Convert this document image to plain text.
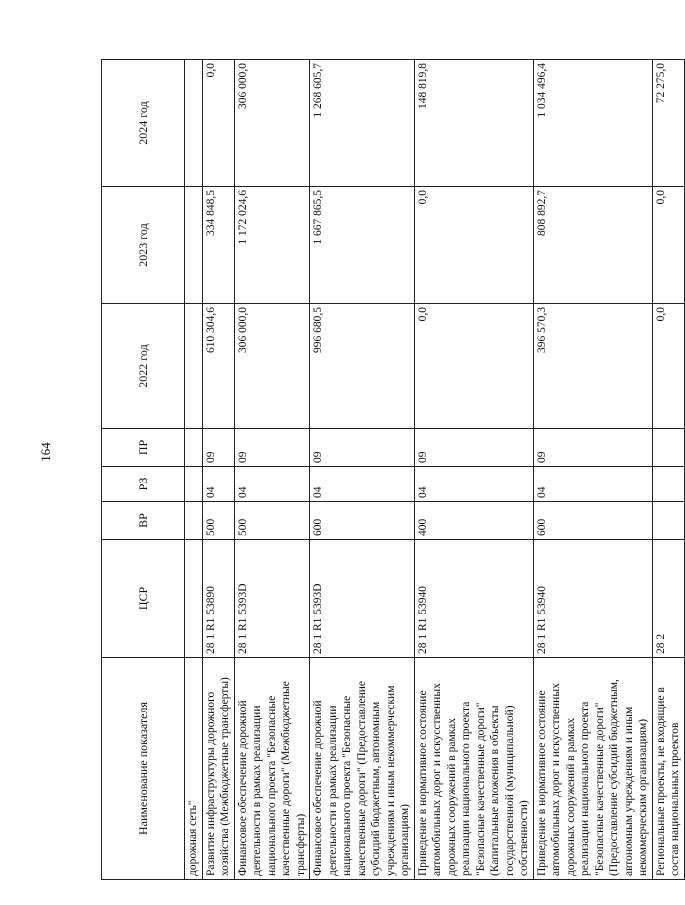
164
Наименование показателя	ЦСР	ВР	РЗ	ПР	2022 год	2023 год	2024 год
дорожная сеть"							
Развитие инфраструктуры дорожного хозяйства (Межбюджетные трансферты)	28 1 R1 53890	500	04	09	610 304,6	334 848,5	0,0
Финансовое обеспечение дорожной деятельности в рамках реализации национального проекта "Безопасные качественные дороги" (Межбюджетные трансферты)	28 1 R1 5393D	500	04	09	306 000,0	1 172 024,6	306 000,0
Финансовое обеспечение дорожной деятельности в рамках реализации национального проекта "Безопасные качественные дороги" (Предоставление субсидий бюджетным, автономным учреждениям и иным некоммерческим организациям)	28 1 R1 5393D	600	04	09	996 680,5	1 667 865,5	1 268 605,7
Приведение в нормативное состояние автомобильных дорог и искусственных дорожных сооружений в рамках реализации национального проекта "Безопасные качественные дороги" (Капитальные вложения в объекты государственной (муниципальной) собственности)	28 1 R1 53940	400	04	09	0,0	0,0	148 819,8
Приведение в нормативное состояние автомобильных дорог и искусственных дорожных сооружений в рамках реализации национального проекта "Безопасные качественные дороги" (Предоставление субсидий бюджетным, автономным учреждениям и иным некоммерческим организациям)	28 1 R1 53940	600	04	09	396 570,3	808 892,7	1 034 496,4
Региональные проекты, не входящие в состав национальных проектов	28 2				0,0	0,0	72 275,0
